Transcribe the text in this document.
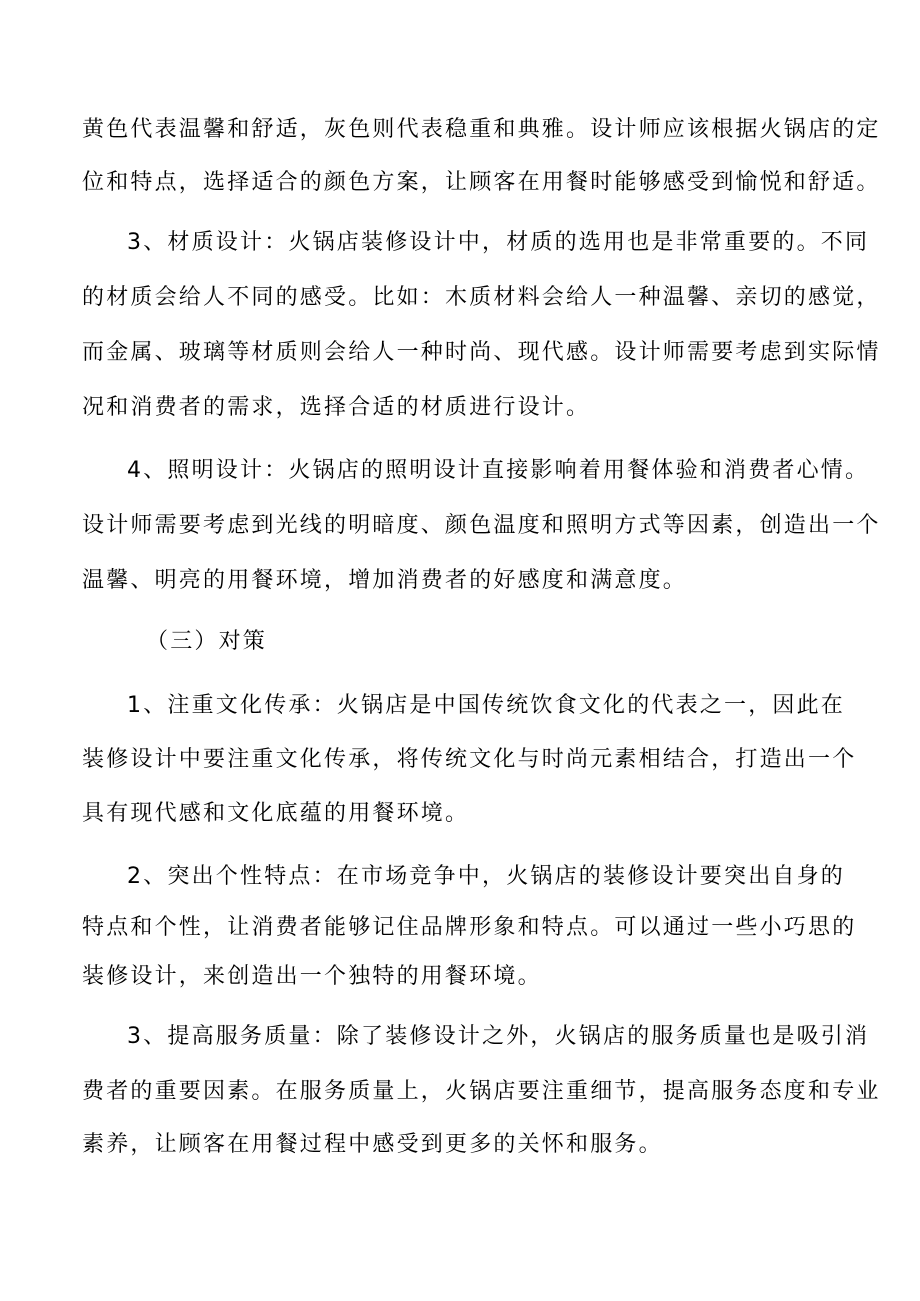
黄色代表温馨和舒适，灰色则代表稳重和典雅。设计师应该根据火锅店的定
位和特点，选择适合的颜色方案，让顾客在用餐时能够感受到愉悦和舒适。
3、材质设计：火锅店装修设计中，材质的选用也是非常重要的。不同
的材质会给人不同的感受。比如：木质材料会给人一种温馨、亲切的感觉，
而金属、玻璃等材质则会给人一种时尚、现代感。设计师需要考虑到实际情
况和消费者的需求，选择合适的材质进行设计。
4、照明设计：火锅店的照明设计直接影响着用餐体验和消费者心情。
设计师需要考虑到光线的明暗度、颜色温度和照明方式等因素，创造出一个
温馨、明亮的用餐环境，增加消费者的好感度和满意度。
（三）对策
1、注重文化传承：火锅店是中国传统饮食文化的代表之一，因此在
装修设计中要注重文化传承，将传统文化与时尚元素相结合，打造出一个
具有现代感和文化底蕴的用餐环境。
2、突出个性特点：在市场竞争中，火锅店的装修设计要突出自身的
特点和个性，让消费者能够记住品牌形象和特点。可以通过一些小巧思的
装修设计，来创造出一个独特的用餐环境。
3、提高服务质量：除了装修设计之外，火锅店的服务质量也是吸引消
费者的重要因素。在服务质量上，火锅店要注重细节，提高服务态度和专业
素养，让顾客在用餐过程中感受到更多的关怀和服务。
